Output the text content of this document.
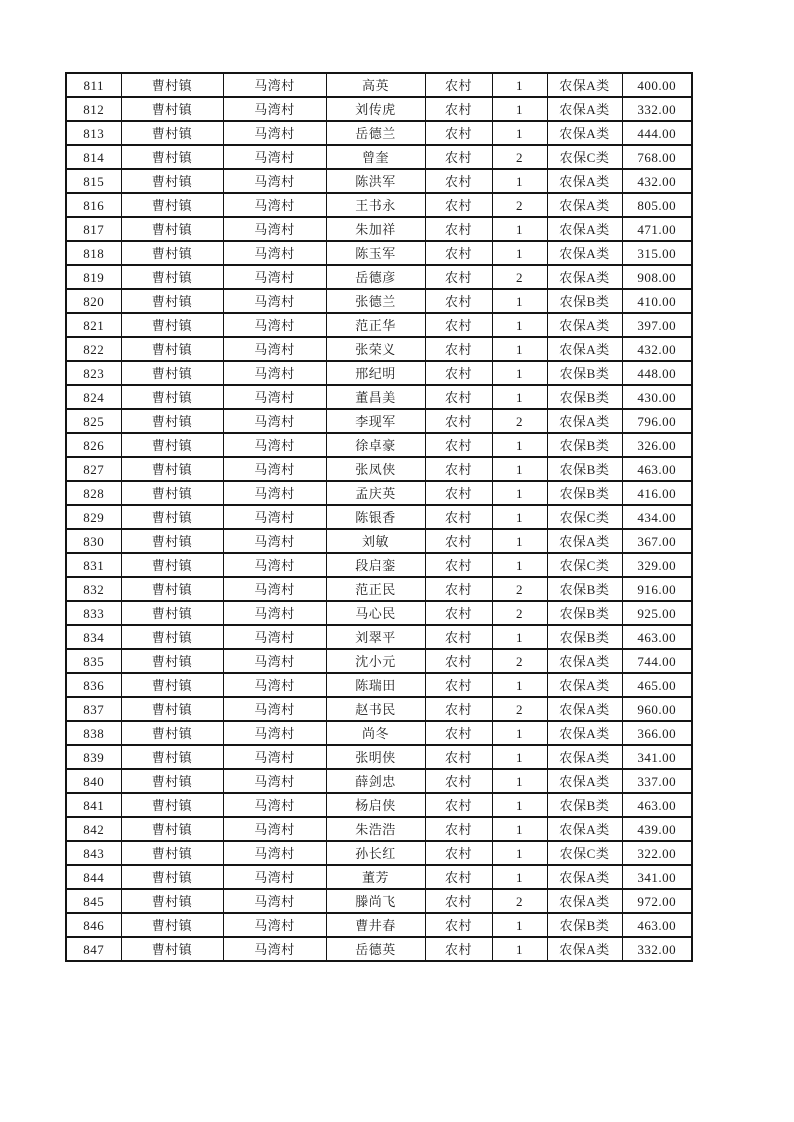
811	曹村镇	马湾村	高英	农村	1	农保A类	400.00
812	曹村镇	马湾村	刘传虎	农村	1	农保A类	332.00
813	曹村镇	马湾村	岳德兰	农村	1	农保A类	444.00
814	曹村镇	马湾村	曾奎	农村	2	农保C类	768.00
815	曹村镇	马湾村	陈洪军	农村	1	农保A类	432.00
816	曹村镇	马湾村	王书永	农村	2	农保A类	805.00
817	曹村镇	马湾村	朱加祥	农村	1	农保A类	471.00
818	曹村镇	马湾村	陈玉军	农村	1	农保A类	315.00
819	曹村镇	马湾村	岳德彦	农村	2	农保A类	908.00
820	曹村镇	马湾村	张德兰	农村	1	农保B类	410.00
821	曹村镇	马湾村	范正华	农村	1	农保A类	397.00
822	曹村镇	马湾村	张荣义	农村	1	农保A类	432.00
823	曹村镇	马湾村	邢纪明	农村	1	农保B类	448.00
824	曹村镇	马湾村	董昌美	农村	1	农保B类	430.00
825	曹村镇	马湾村	李现军	农村	2	农保A类	796.00
826	曹村镇	马湾村	徐卓豪	农村	1	农保B类	326.00
827	曹村镇	马湾村	张凤侠	农村	1	农保B类	463.00
828	曹村镇	马湾村	孟庆英	农村	1	农保B类	416.00
829	曹村镇	马湾村	陈银香	农村	1	农保C类	434.00
830	曹村镇	马湾村	刘敏	农村	1	农保A类	367.00
831	曹村镇	马湾村	段启銮	农村	1	农保C类	329.00
832	曹村镇	马湾村	范正民	农村	2	农保B类	916.00
833	曹村镇	马湾村	马心民	农村	2	农保B类	925.00
834	曹村镇	马湾村	刘翠平	农村	1	农保B类	463.00
835	曹村镇	马湾村	沈小元	农村	2	农保A类	744.00
836	曹村镇	马湾村	陈瑞田	农村	1	农保A类	465.00
837	曹村镇	马湾村	赵书民	农村	2	农保A类	960.00
838	曹村镇	马湾村	尚冬	农村	1	农保A类	366.00
839	曹村镇	马湾村	张明侠	农村	1	农保A类	341.00
840	曹村镇	马湾村	薛剑忠	农村	1	农保A类	337.00
841	曹村镇	马湾村	杨启侠	农村	1	农保B类	463.00
842	曹村镇	马湾村	朱浩浩	农村	1	农保A类	439.00
843	曹村镇	马湾村	孙长红	农村	1	农保C类	322.00
844	曹村镇	马湾村	董芳	农村	1	农保A类	341.00
845	曹村镇	马湾村	滕尚飞	农村	2	农保A类	972.00
846	曹村镇	马湾村	曹井春	农村	1	农保B类	463.00
847	曹村镇	马湾村	岳德英	农村	1	农保A类	332.00
